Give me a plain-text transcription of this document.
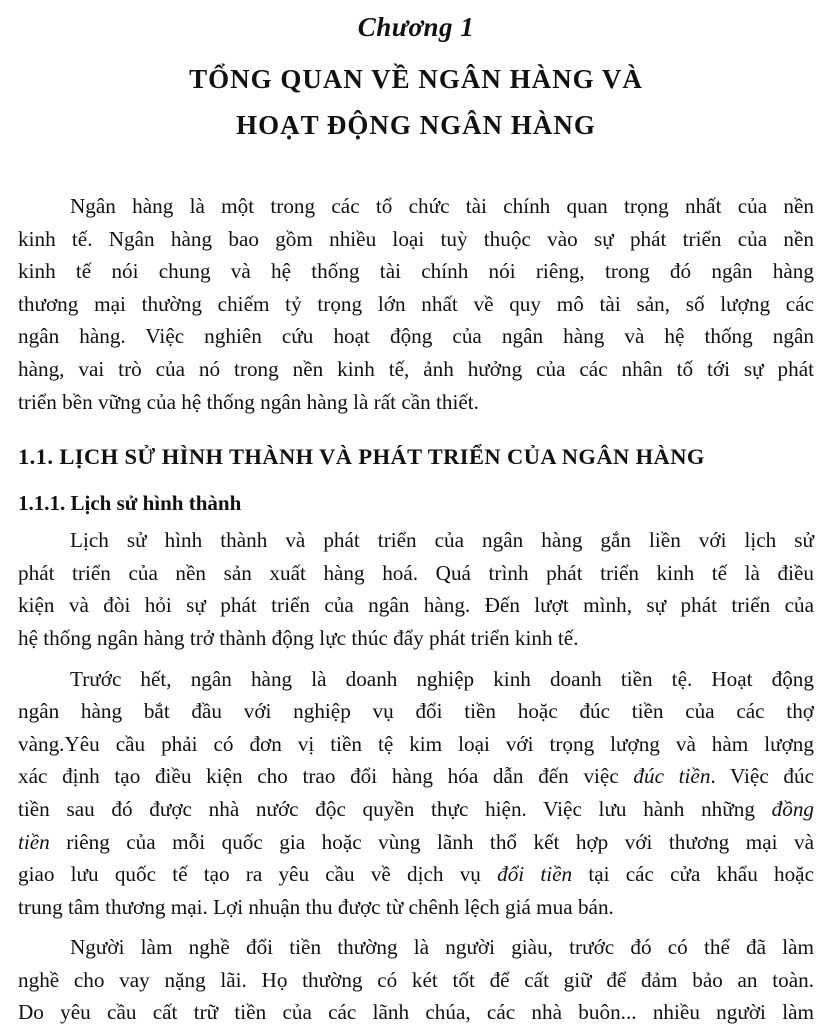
Chương 1

TỔNG QUAN VỀ NGÂN HÀNG VÀ
HOẠT ĐỘNG NGÂN HÀNG

Ngân hàng là một trong các tổ chức tài chính quan trọng nhất của nền
kinh tế. Ngân hàng bao gồm nhiều loại tuỳ thuộc vào sự phát triển của nền
kinh tế nói chung và hệ thống tài chính nói riêng, trong đó ngân hàng
thương mại thường chiếm tỷ trọng lớn nhất về quy mô tài sản, số lượng các
ngân hàng. Việc nghiên cứu hoạt động của ngân hàng và hệ thống ngân
hàng, vai trò của nó trong nền kinh tế, ảnh hưởng của các nhân tố tới sự phát
triển bền vững của hệ thống ngân hàng là rất cần thiết.

1.1. LỊCH SỬ HÌNH THÀNH VÀ PHÁT TRIỂN CỦA NGÂN HÀNG
1.1.1. Lịch sử hình thành

Lịch sử hình thành và phát triển của ngân hàng gắn liền với lịch sử
phát triển của nền sản xuất hàng hoá. Quá trình phát triển kinh tế là điều
kiện và đòi hỏi sự phát triển của ngân hàng. Đến lượt mình, sự phát triển của
hệ thống ngân hàng trở thành động lực thúc đẩy phát triển kinh tế.

Trước hết, ngân hàng là doanh nghiệp kinh doanh tiền tệ. Hoạt động
ngân hàng bắt đầu với nghiệp vụ đổi tiền hoặc đúc tiền của các thợ
vàng.Yêu cầu phải có đơn vị tiền tệ kim loại với trọng lượng và hàm lượng
xác định tạo điều kiện cho trao đổi hàng hóa dẫn đến việc đúc tiền. Việc đúc
tiền sau đó được nhà nước độc quyền thực hiện. Việc lưu hành những đồng
tiền riêng của mỗi quốc gia hoặc vùng lãnh thổ kết hợp với thương mại và
giao lưu quốc tế tạo ra yêu cầu về dịch vụ đổi tiền tại các cửa khẩu hoặc
trung tâm thương mại. Lợi nhuận thu được từ chênh lệch giá mua bán.

Người làm nghề đổi tiền thường là người giàu, trước đó có thể đã làm
nghề cho vay nặng lãi. Họ thường có két tốt để cất giữ để đảm bảo an toàn.
Do yêu cầu cất trữ tiền của các lãnh chúa, các nhà buôn... nhiều người làm
